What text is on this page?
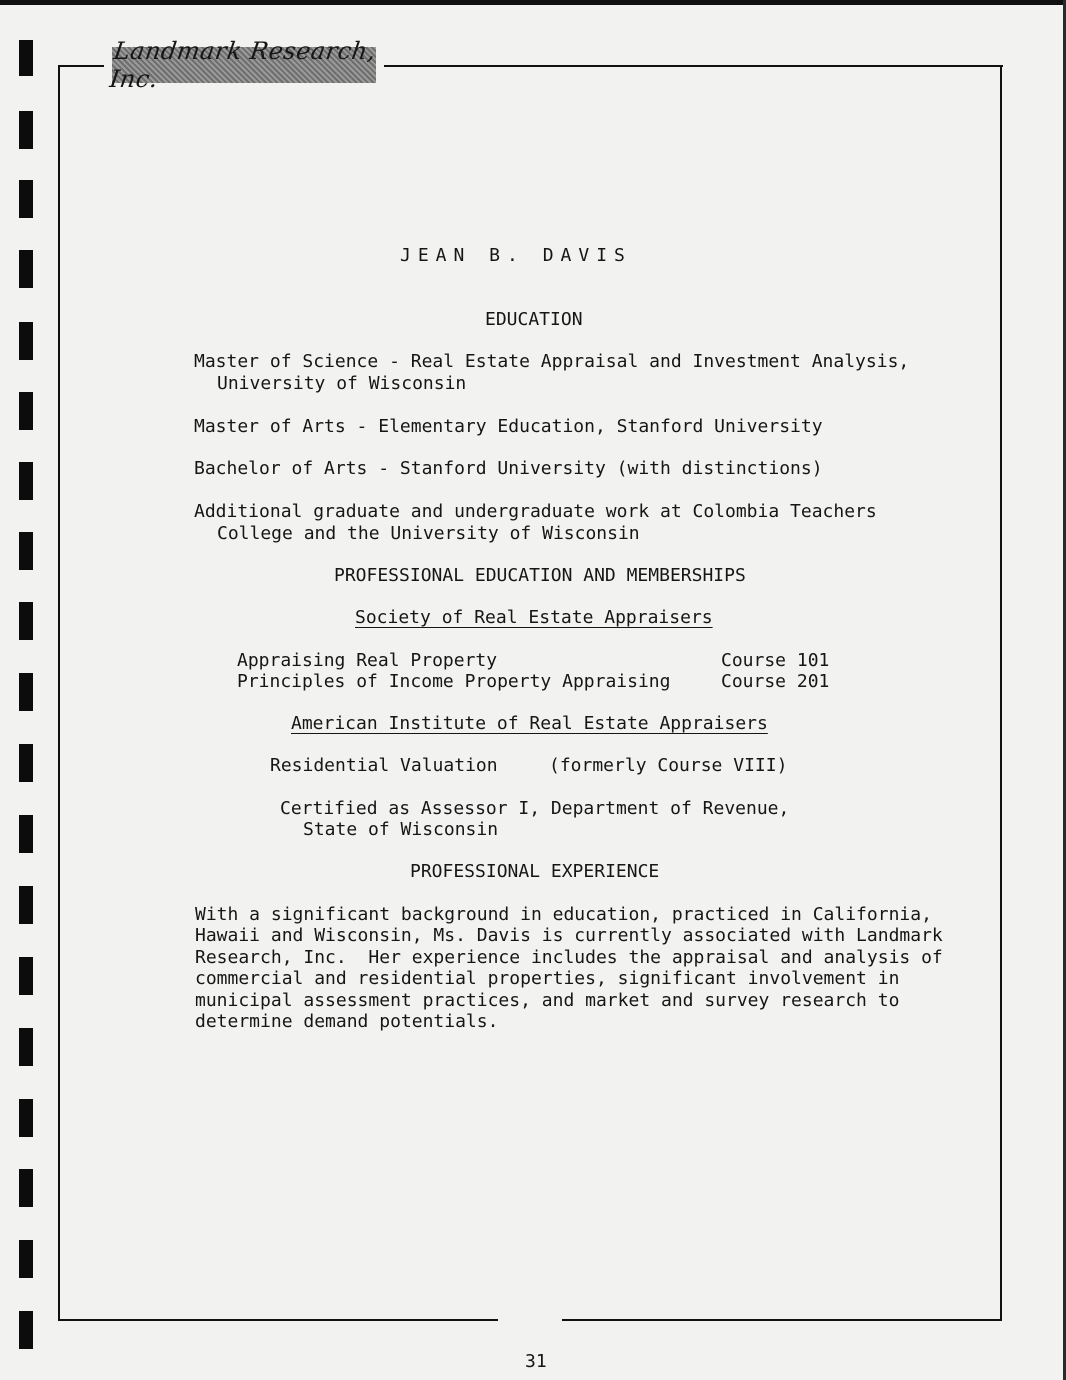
Landmark Research, Inc.
JEAN B. DAVIS
EDUCATION
Master of Science - Real Estate Appraisal and Investment Analysis,
University of Wisconsin
Master of Arts - Elementary Education, Stanford University
Bachelor of Arts - Stanford University (with distinctions)
Additional graduate and undergraduate work at Colombia Teachers
College and the University of Wisconsin
PROFESSIONAL EDUCATION AND MEMBERSHIPS
Society of Real Estate Appraisers
Appraising Real Property	Course 101
Principles of Income Property Appraising	Course 201
American Institute of Real Estate Appraisers
Residential Valuation	(formerly Course VIII)
Certified as Assessor I, Department of Revenue,
State of Wisconsin
PROFESSIONAL EXPERIENCE
With a significant background in education, practiced in California,
Hawaii and Wisconsin, Ms. Davis is currently associated with Landmark
Research, Inc.  Her experience includes the appraisal and analysis of
commercial and residential properties, significant involvement in
municipal assessment practices, and market and survey research to
determine demand potentials.
31
